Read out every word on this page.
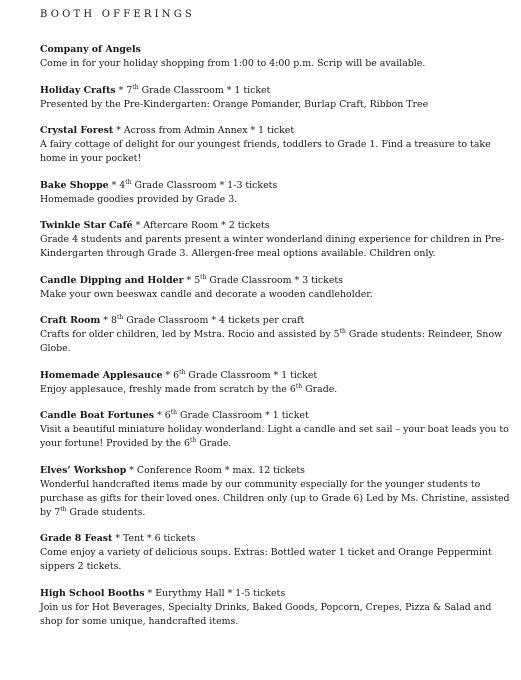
BOOTH OFFERINGS
Company of Angels
Come in for your holiday shopping from 1:00 to 4:00 p.m. Scrip will be available.
Holiday Crafts * 7th Grade Classroom * 1 ticket
Presented by the Pre-Kindergarten: Orange Pomander, Burlap Craft, Ribbon Tree
Crystal Forest * Across from Admin Annex * 1 ticket
A fairy cottage of delight for our youngest friends, toddlers to Grade 1. Find a treasure to take home in your pocket!
Bake Shoppe * 4th Grade Classroom * 1-3 tickets
Homemade goodies provided by Grade 3.
Twinkle Star Café * Aftercare Room * 2 tickets
Grade 4 students and parents present a winter wonderland dining experience for children in Pre-Kindergarten through Grade 3. Allergen-free meal options available. Children only.
Candle Dipping and Holder * 5th Grade Classroom * 3 tickets
Make your own beeswax candle and decorate a wooden candleholder.
Craft Room * 8th Grade Classroom * 4 tickets per craft
Crafts for older children, led by Mstra. Rocio and assisted by 5th Grade students: Reindeer, Snow Globe.
Homemade Applesauce * 6th Grade Classroom * 1 ticket
Enjoy applesauce, freshly made from scratch by the 6th Grade.
Candle Boat Fortunes * 6th Grade Classroom * 1 ticket
Visit a beautiful miniature holiday wonderland. Light a candle and set sail – your boat leads you to your fortune! Provided by the 6th Grade.
Elves’ Workshop * Conference Room * max. 12 tickets
Wonderful handcrafted items made by our community especially for the younger students to purchase as gifts for their loved ones. Children only (up to Grade 6) Led by Ms. Christine, assisted by 7th Grade students.
Grade 8 Feast * Tent * 6 tickets
Come enjoy a variety of delicious soups. Extras: Bottled water 1 ticket and Orange Peppermint sippers 2 tickets.
High School Booths * Eurythmy Hall * 1-5 tickets
Join us for Hot Beverages, Specialty Drinks, Baked Goods, Popcorn, Crepes, Pizza & Salad and shop for some unique, handcrafted items.
